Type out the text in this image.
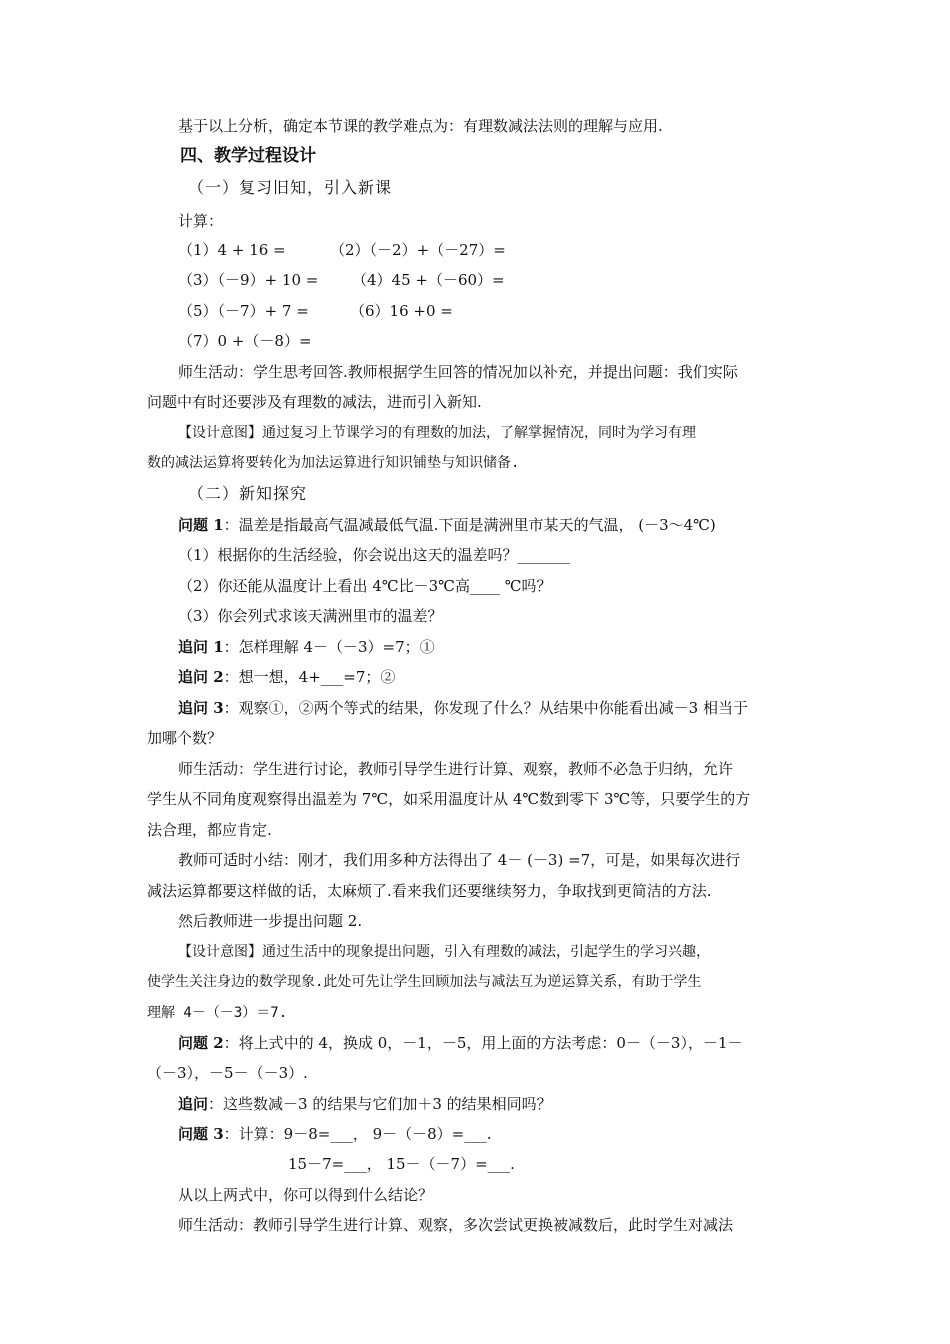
基于以上分析，确定本节课的教学难点为：有理数减法法则的理解与应用.
四、教学过程设计
（一）复习旧知，引入新课
计算：
（1）4 + 16 =	（2）（－2）+（－27）=
（3）（－9）+ 10 =	（4）45 +（－60）=
（5）（－7）+ 7 =	（6）16 +0 =
（7）0 +（－8）=
师生活动：学生思考回答.教师根据学生回答的情况加以补充，并提出问题：我们实际
问题中有时还要涉及有理数的减法，进而引入新知.
【设计意图】通过复习上节课学习的有理数的加法，了解掌握情况，同时为学习有理
数的减法运算将要转化为加法运算进行知识铺垫与知识储备.
（二）新知探究
问题 1：温差是指最高气温减最低气温.下面是满洲里市某天的气温， (－3～4℃)
（1）根据你的生活经验，你会说出这天的温差吗？_______
（2）你还能从温度计上看出 4℃比－3℃高____ ℃吗？
（3）你会列式求该天满洲里市的温差？
追问 1：怎样理解 4－（－3）=7；①
追问 2：想一想，4+___=7；②
追问 3：观察①，②两个等式的结果，你发现了什么？从结果中你能看出减－3 相当于
加哪个数？
师生活动：学生进行讨论，教师引导学生进行计算、观察，教师不必急于归纳，允许
学生从不同角度观察得出温差为 7℃，如采用温度计从 4℃数到零下 3℃等，只要学生的方
法合理，都应肯定.
教师可适时小结：刚才，我们用多种方法得出了 4－ (－3) =7，可是，如果每次进行
减法运算都要这样做的话，太麻烦了.看来我们还要继续努力，争取找到更简洁的方法.
然后教师进一步提出问题 2.
【设计意图】通过生活中的现象提出问题，引入有理数的减法，引起学生的学习兴趣，
使学生关注身边的数学现象.此处可先让学生回顾加法与减法互为逆运算关系，有助于学生
理解 4－（－3）＝7.
问题 2：将上式中的 4，换成 0，－1，－5，用上面的方法考虑：0－（－3），－1－
（－3），－5－（－3）.
追问：这些数减－3 的结果与它们加＋3 的结果相同吗？
问题 3：计算：9－8=___， 9－（－8）=___.
15－7=___， 15－（－7）=___.
从以上两式中，你可以得到什么结论？
师生活动：教师引导学生进行计算、观察，多次尝试更换被减数后，此时学生对减法
